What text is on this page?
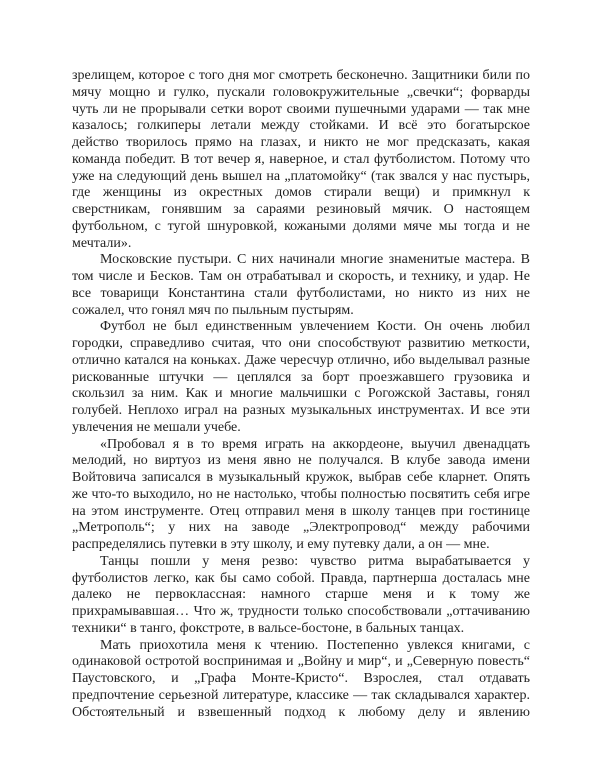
зрелищем, которое с того дня мог смотреть бесконечно. Защитники били по
мячу мощно и гулко, пускали головокружительные „свечки“; форварды
чуть ли не прорывали сетки ворот своими пушечными ударами — так мне
казалось; голкиперы летали между стойками. И всё это богатырское
действо творилось прямо на глазах, и никто не мог предсказать, какая
команда победит. В тот вечер я, наверное, и стал футболистом. Потому что
уже на следующий день вышел на „платомойку“ (так звался у нас пустырь,
где женщины из окрестных домов стирали вещи) и примкнул к
сверстникам, гонявшим за сараями резиновый мячик. О настоящем
футбольном, с тугой шнуровкой, кожаными долями мяче мы тогда и не
мечтали».
Московские пустыри. С них начинали многие знаменитые мастера. В
том числе и Бесков. Там он отрабатывал и скорость, и технику, и удар. Не
все товарищи Константина стали футболистами, но никто из них не
сожалел, что гонял мяч по пыльным пустырям.
Футбол не был единственным увлечением Кости. Он очень любил
городки, справедливо считая, что они способствуют развитию меткости,
отлично катался на коньках. Даже чересчур отлично, ибо выделывал разные
рискованные штучки — цеплялся за борт проезжавшего грузовика и
скользил за ним. Как и многие мальчишки с Рогожской Заставы, гонял
голубей. Неплохо играл на разных музыкальных инструментах. И все эти
увлечения не мешали учебе.
«Пробовал я в то время играть на аккордеоне, выучил двенадцать
мелодий, но виртуоз из меня явно не получался. В клубе завода имени
Войтовича записался в музыкальный кружок, выбрав себе кларнет. Опять
же что-то выходило, но не настолько, чтобы полностью посвятить себя игре
на этом инструменте. Отец отправил меня в школу танцев при гостинице
„Метрополь“; у них на заводе „Электропровод“ между рабочими
распределялись путевки в эту школу, и ему путевку дали, а он — мне.
Танцы пошли у меня резво: чувство ритма вырабатывается у
футболистов легко, как бы само собой. Правда, партнерша досталась мне
далеко не первоклассная: намного старше меня и к тому же
прихрамывавшая… Что ж, трудности только способствовали „оттачиванию
техники“ в танго, фокстроте, в вальсе-бостоне, в бальных танцах.
Мать приохотила меня к чтению. Постепенно увлекся книгами, с
одинаковой остротой воспринимая и „Войну и мир“, и „Северную повесть“
Паустовского, и „Графа Монте-Кристо“. Взрослея, стал отдавать
предпочтение серьезной литературе, классике — так складывался характер.
Обстоятельный и взвешенный подход к любому делу и явлению
